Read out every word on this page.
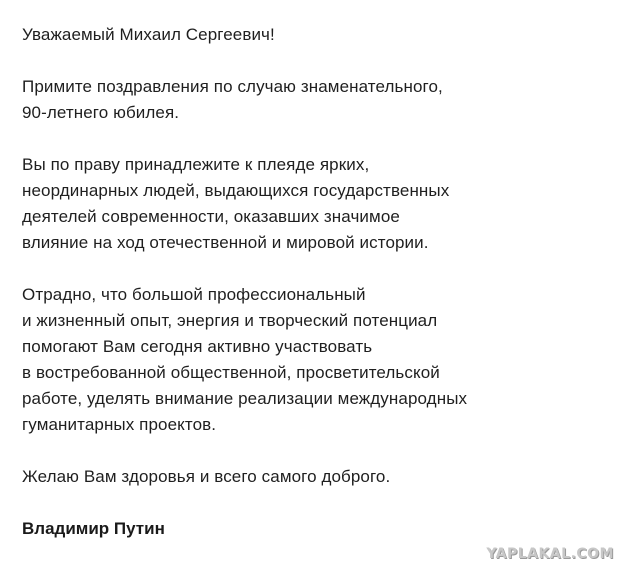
Уважаемый Михаил Сергеевич!

Примите поздравления по случаю знаменательного,

90-летнего юбилея.

Вы по праву принадлежите к плеяде ярких,

неординарных людей, выдающихся государственных

деятелей современности, оказавших значимое

влияние на ход отечественной и мировой истории.

Отрадно, что большой профессиональный

и жизненный опыт, энергия и творческий потенциал

помогают Вам сегодня активно участвовать

в востребованной общественной, просветительской

работе, уделять внимание реализации международных

гуманитарных проектов.

Желаю Вам здоровья и всего самого доброго.

Владимир Путин
YAPLAKAL.COM
